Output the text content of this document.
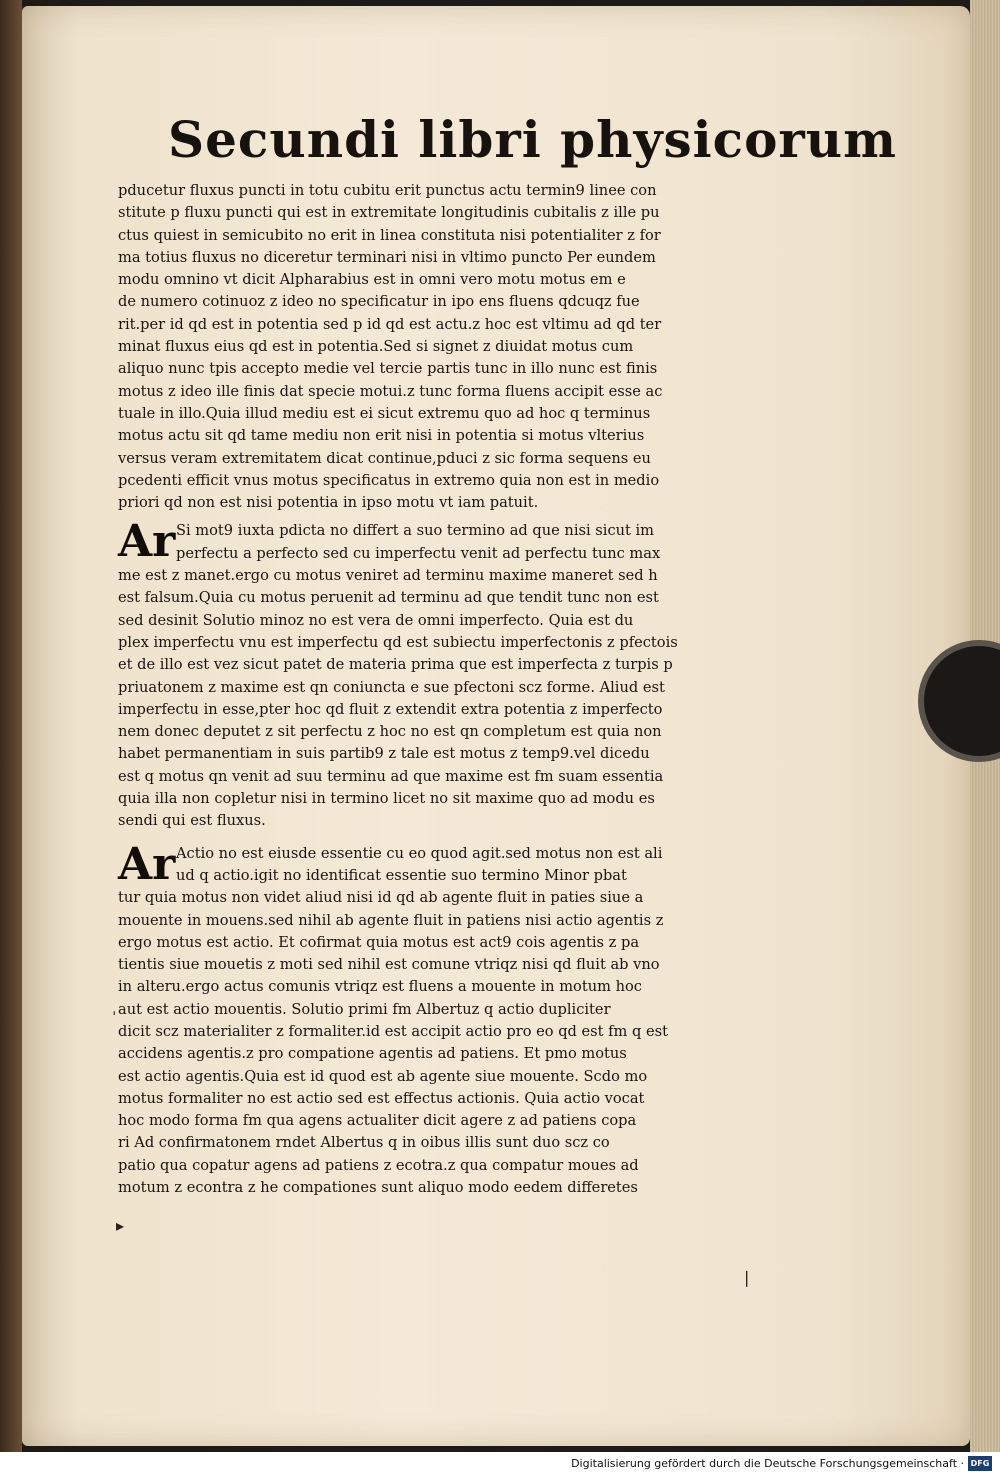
Secundi libri physicorum
pducetur fluxus puncti in totu cubitu erit punctus actu termin9 linee con
stitute p fluxu puncti qui est in extremitate longitudinis cubitalis z ille pu
ctus quiest in semicubito no erit in linea constituta nisi potentialiter z for
ma totius fluxus no diceretur terminari nisi in vltimo puncto Per eundem
modu omnino vt dicit Alpharabius est in omni vero motu motus em e
de numero cotinuoz z ideo no specificatur in ipo ens fluens qdcuqz fue
rit.per id qd est in potentia sed p id qd est actu.z hoc est vltimu ad qd ter
minat fluxus eius qd est in potentia.Sed si signet z diuidat motus cum
aliquo nunc tpis accepto medie vel tercie partis tunc in illo nunc est finis
motus z ideo ille finis dat specie motui.z tunc forma fluens accipit esse ac
tuale in illo.Quia illud mediu est ei sicut extremu quo ad hoc q terminus
motus actu sit qd tame mediu non erit nisi in potentia si motus vlterius
versus veram extremitatem dicat continue,pduci z sic forma sequens eu
pcedenti efficit vnus motus specificatus in extremo quia non est in medio
priori qd non est nisi potentia in ipso motu vt iam patuit.
Ar Si mot9 iuxta pdicta no differt a suo termino ad que nisi sicut im
perfectu a perfecto sed cu imperfectu venit ad perfectu tunc max
me est z manet.ergo cu motus veniret ad terminu maxime maneret sed h
est falsum.Quia cu motus peruenit ad terminu ad que tendit tunc non est
sed desinit Solutio minoz no est vera de omni imperfecto. Quia est du
plex imperfectu vnu est imperfectu qd est subiectu imperfectonis z pfectois
et de illo est vez sicut patet de materia prima que est imperfecta z turpis p
priuatonem z maxime est qn coniuncta e sue pfectoni scz forme. Aliud est
imperfectu in esse,pter hoc qd fluit z extendit extra potentia z imperfecto
nem donec deputet z sit perfectu z hoc no est qn completum est quia non
habet permanentiam in suis partib9 z tale est motus z temp9.vel dicedu
est q motus qn venit ad suu terminu ad que maxime est fm suam essentia
quia illa non copletur nisi in termino licet no sit maxime quo ad modu es
sendi qui est fluxus.
Ar Actio no est eiusde essentie cu eo quod agit.sed motus non est ali
ud q actio.igit no identificat essentie suo termino Minor pbat
tur quia motus non videt aliud nisi id qd ab agente fluit in paties siue a
mouente in mouens.sed nihil ab agente fluit in patiens nisi actio agentis z
ergo motus est actio. Et cofirmat quia motus est act9 cois agentis z pa
tientis siue mouetis z moti sed nihil est comune vtriqz nisi qd fluit ab vno
in alteru.ergo actus comunis vtriqz est fluens a mouente in motum hoc
aut est actio mouentis. Solutio primi fm Albertuz q actio dupliciter
dicit scz materialiter z formaliter.id est accipit actio pro eo qd est fm q est
accidens agentis.z pro compatione agentis ad patiens. Et pmo motus
est actio agentis.Quia est id quod est ab agente siue mouente. Scdo mo
motus formaliter no est actio sed est effectus actionis. Quia actio vocat
hoc modo forma fm qua agens actualiter dicit agere z ad patiens copa
ri Ad confirmatonem rndet Albertus q in oibus illis sunt duo scz co
patio qua copatur agens ad patiens z ecotra.z qua compatur moues ad
motum z econtra z he compationes sunt aliquo modo eedem differetes
ˌ
▸
❘
Digitalisierung gefördert durch die Deutsche Forschungsgemeinschaft · DFG
